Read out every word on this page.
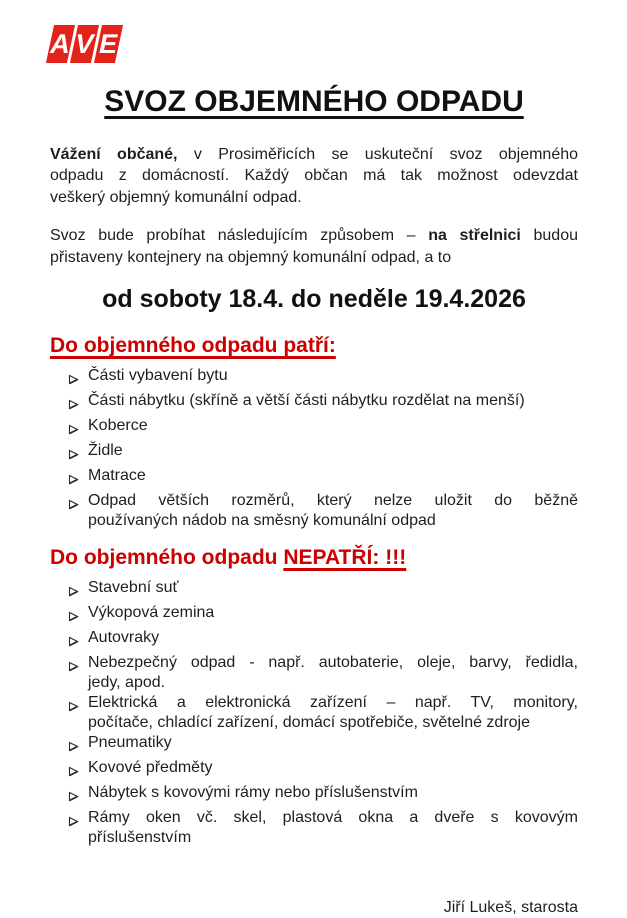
A
V E
SVOZ OBJEMNÉHO ODPADU
Vážení občané, v Prosiměřicích se uskuteční svoz objemného
odpadu z domácností. Každý občan má tak možnost odevzdat
veškerý objemný komunální odpad.
Svoz bude probíhat následujícím způsobem – na střelnici budou
přistaveny kontejnery na objemný komunální odpad, a to
od soboty 18.4. do neděle 19.4.2026
Do objemného odpadu patří:
Části vybavení bytu
Části nábytku (skříně a větší části nábytku rozdělat na menší)
Koberce
Židle
Matrace
Odpad větších rozměrů, který nelze uložit do běžně
používaných nádob na směsný komunální odpad
Do objemného odpadu NEPATŘÍ: !!!
Stavební suť
Výkopová zemina
Autovraky
Nebezpečný odpad - např. autobaterie, oleje, barvy, ředidla,
jedy, apod.
Elektrická a elektronická zařízení – např. TV, monitory,
počítače, chladící zařízení, domácí spotřebiče, světelné zdroje
Pneumatiky
Kovové předměty
Nábytek s kovovými rámy nebo příslušenstvím
Rámy oken vč. skel, plastová okna a dveře s kovovým
příslušenstvím
Jiří Lukeš, starosta
